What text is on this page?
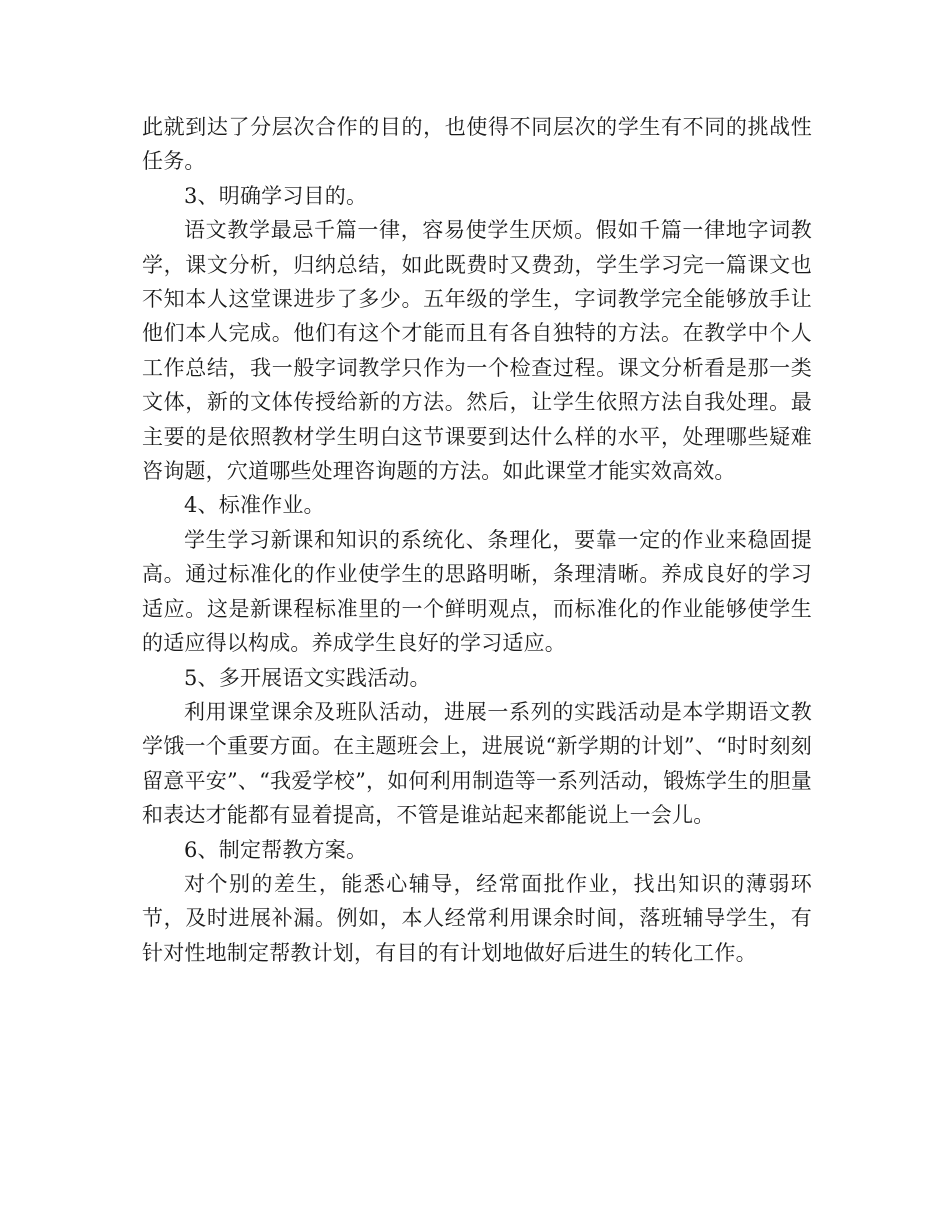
此就到达了分层次合作的目的，也使得不同层次的学生有不同的挑战性任务。

3、明确学习目的。

语文教学最忌千篇一律，容易使学生厌烦。假如千篇一律地字词教学，课文分析，归纳总结，如此既费时又费劲，学生学习完一篇课文也不知本人这堂课进步了多少。五年级的学生，字词教学完全能够放手让他们本人完成。他们有这个才能而且有各自独特的方法。在教学中个人工作总结，我一般字词教学只作为一个检查过程。课文分析看是那一类文体，新的文体传授给新的方法。然后，让学生依照方法自我处理。最主要的是依照教材学生明白这节课要到达什么样的水平，处理哪些疑难咨询题，穴道哪些处理咨询题的方法。如此课堂才能实效高效。

4、标准作业。

学生学习新课和知识的系统化、条理化，要靠一定的作业来稳固提高。通过标准化的作业使学生的思路明晰，条理清晰。养成良好的学习适应。这是新课程标准里的一个鲜明观点，而标准化的作业能够使学生的适应得以构成。养成学生良好的学习适应。

5、多开展语文实践活动。

利用课堂课余及班队活动，进展一系列的实践活动是本学期语文教学饿一个重要方面。在主题班会上，进展说“新学期的计划”、“时时刻刻留意平安”、“我爱学校”，如何利用制造等一系列活动，锻炼学生的胆量和表达才能都有显着提高，不管是谁站起来都能说上一会儿。

6、制定帮教方案。

对个别的差生，能悉心辅导，经常面批作业，找出知识的薄弱环节，及时进展补漏。例如，本人经常利用课余时间，落班辅导学生，有针对性地制定帮教计划，有目的有计划地做好后进生的转化工作。
